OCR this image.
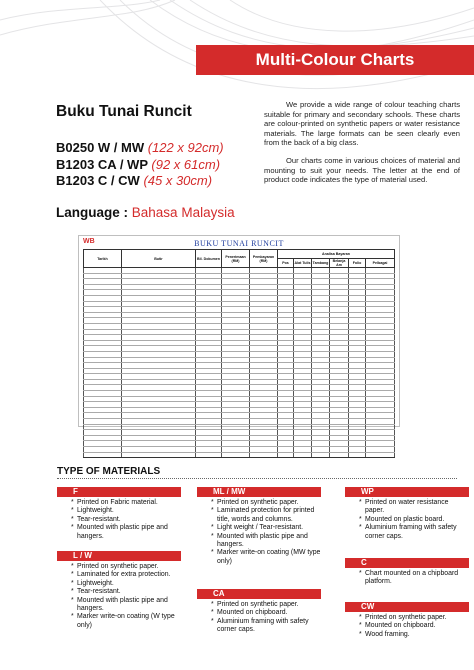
Multi-Colour Charts
Buku Tunai Runcit
B0250 W / MW (122 x 92cm)
B1203 CA / WP (92 x 61cm)
B1203 C / CW (45 x 30cm)
Language : Bahasa Malaysia

We provide a wide range of colour teaching charts suitable for primary and secondary schools. These charts are colour-printed on synthetic papers or water resistance materials. The large formats can be seen clearly even from the back of a big class.

Our charts come in various choices of material and mounting to suit your needs. The letter at the end of product code indicates the type of material used.

WB	BUKU TUNAI RUNCIT
Tarikh	Butir	Bil. Dokumen	Penerimaan (RM)	Pembayaran (RM)	Analisa Bayaran					
					Pos	Alat Tulis	Tambang	Belanja Am	Folio	Pelbagai

TYPE OF MATERIALS
F
* Printed on Fabric material.
* Lightweight.
* Tear-resistant.
* Mounted with plastic pipe and hangers.
L / W
* Printed on synthetic paper.
* Laminated for extra protection.
* Lightweight.
* Tear-resistant.
* Mounted with plastic pipe and hangers.
* Marker write-on coating (W type only)
ML / MW
* Printed on synthetic paper.
* Laminated protection for printed title, words and columns.
* Light weight / Tear-resistant.
* Mounted with plastic pipe and hangers.
* Marker write-on coating (MW type only)
CA
* Printed on synthetic paper.
* Mounted on chipboard.
* Aluminium framing with safety corner caps.
WP
* Printed on water resistance paper.
* Mounted on plastic board.
* Aluminium framing with safety corner caps.
C
* Chart mounted on a chipboard platform.
CW
* Printed on synthetic paper.
* Mounted on chipboard.
* Wood framing.
